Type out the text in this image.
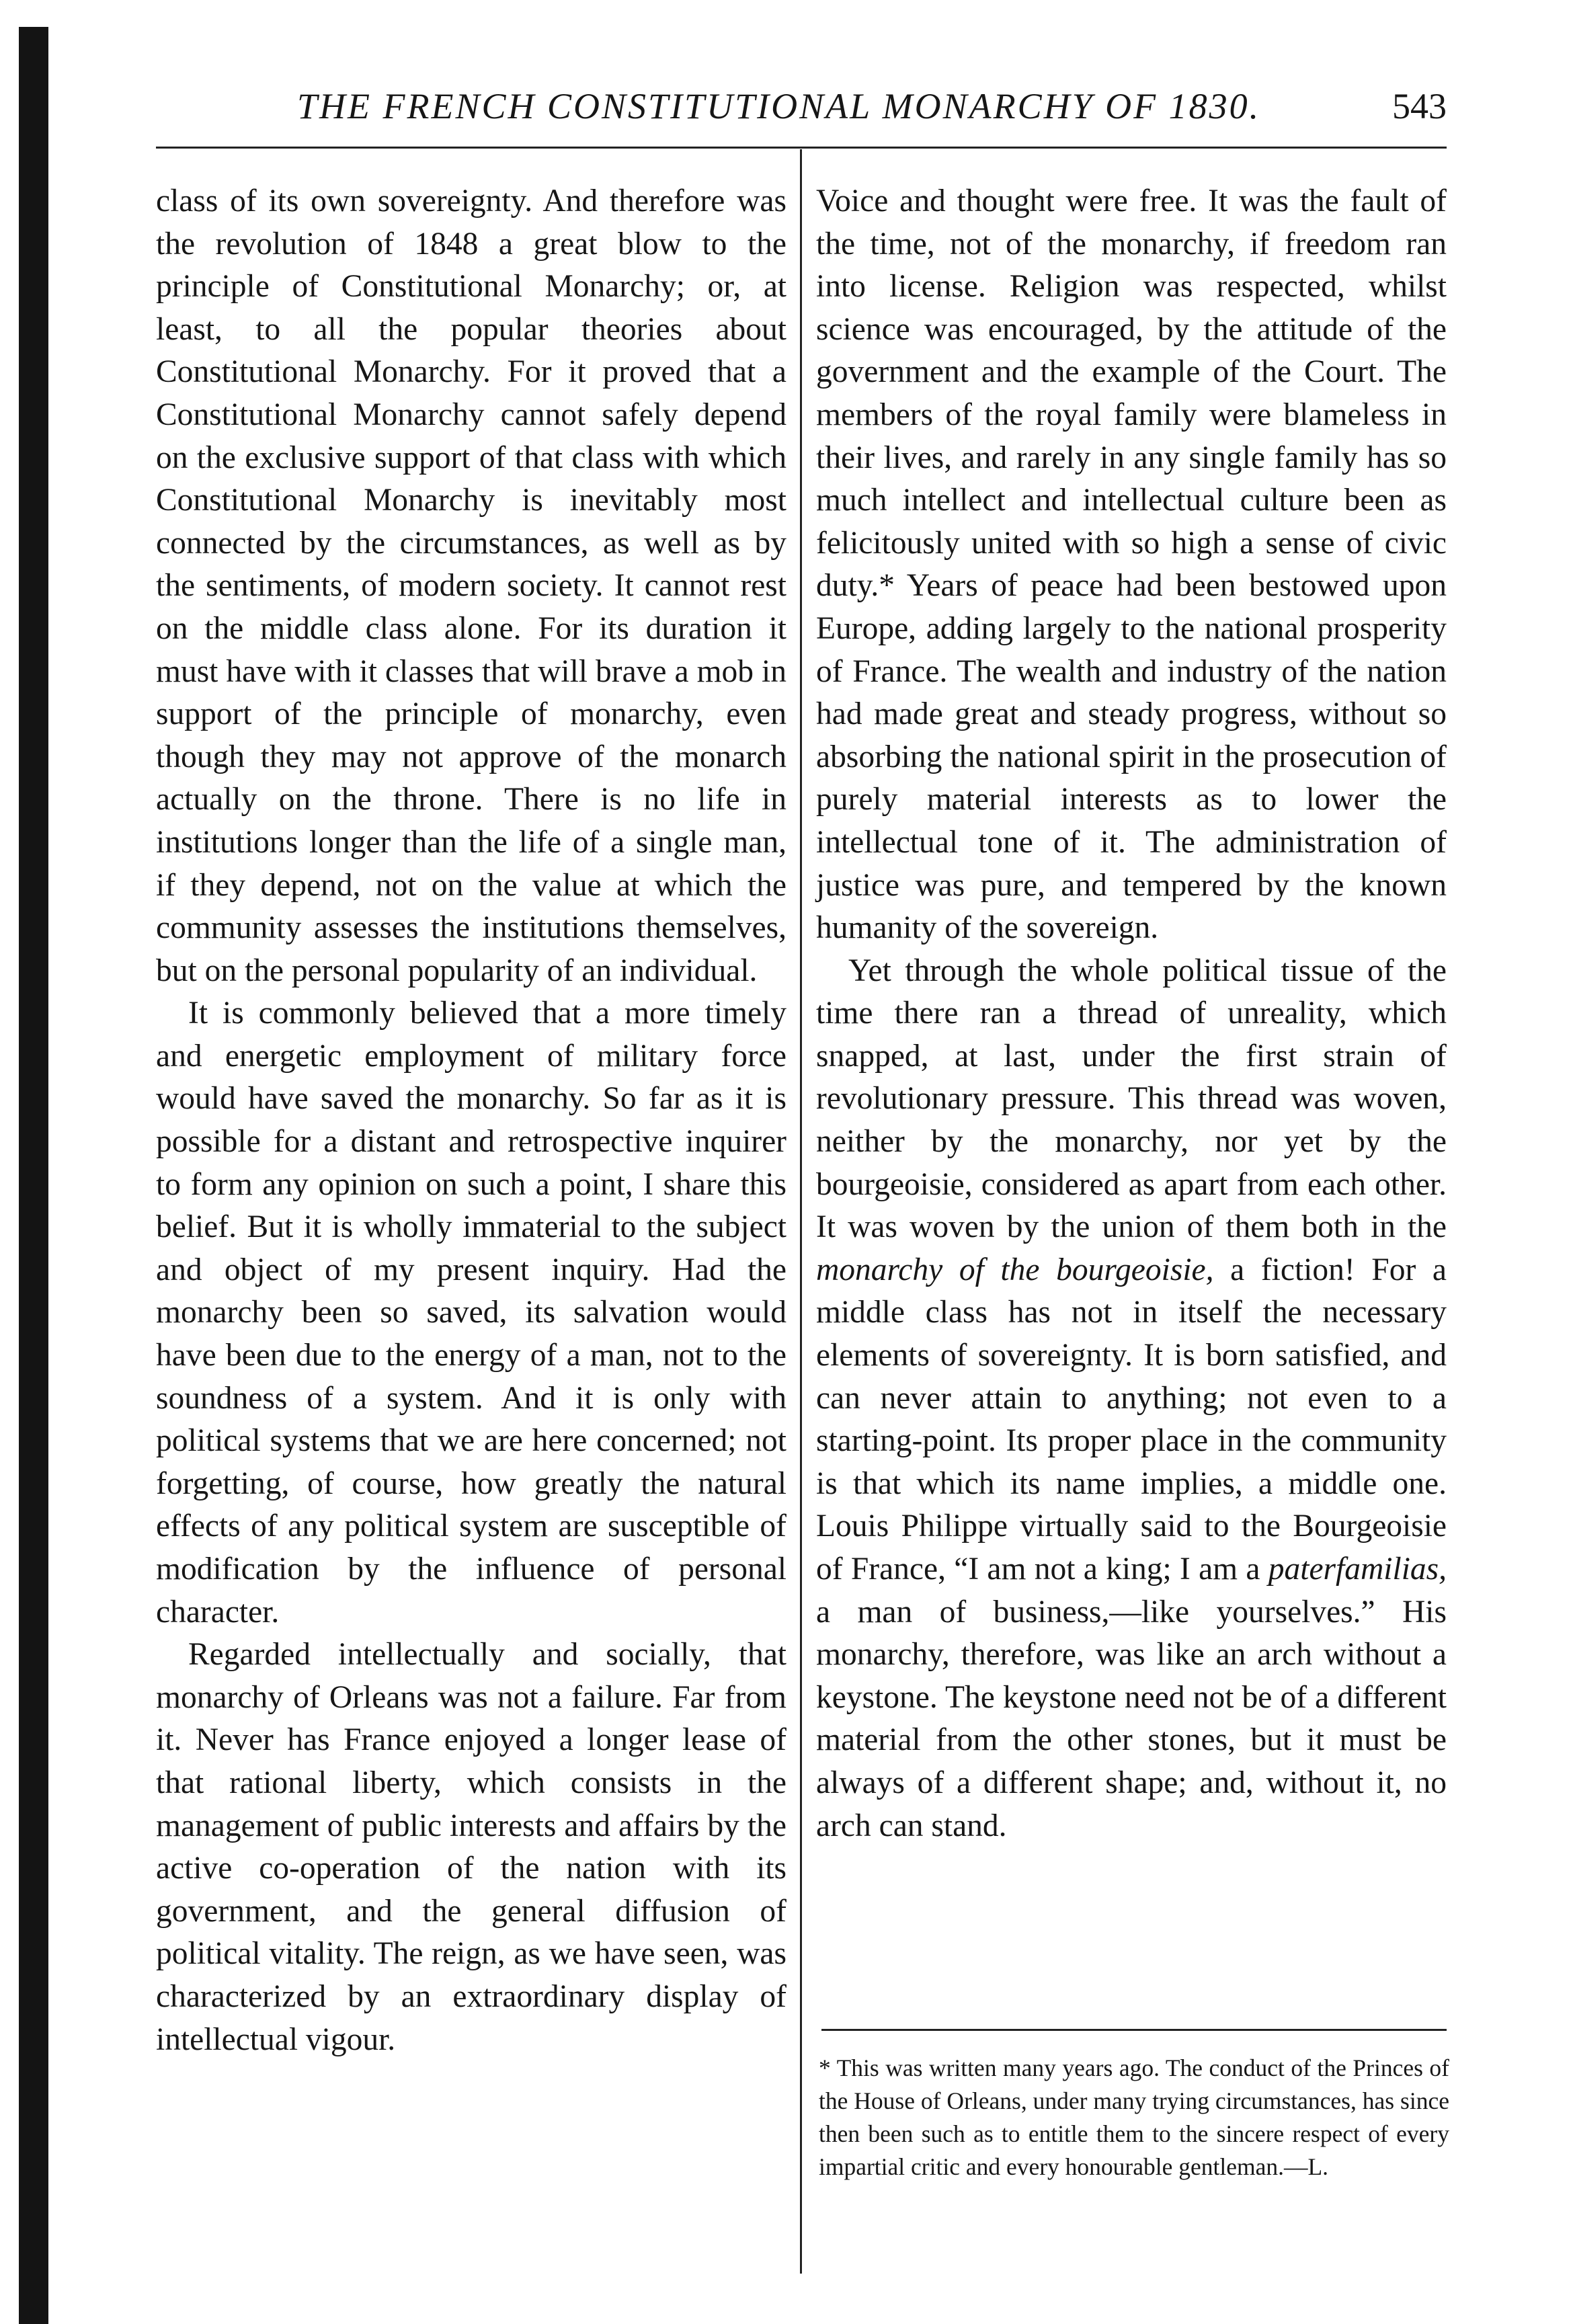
THE FRENCH CONSTITUTIONAL MONARCHY OF 1830.	543

class of its own sovereignty. And therefore was the revolution of 1848 a great blow to the principle of Constitutional Monarchy; or, at least, to all the popular theories about Constitutional Monarchy. For it proved that a Constitutional Monarchy cannot safely depend on the exclusive support of that class with which Constitutional Monarchy is inevitably most connected by the circumstances, as well as by the sentiments, of modern society. It cannot rest on the middle class alone. For its duration it must have with it classes that will brave a mob in support of the principle of monarchy, even though they may not approve of the monarch actually on the throne. There is no life in institutions longer than the life of a single man, if they depend, not on the value at which the community assesses the institutions themselves, but on the personal popularity of an individual.

It is commonly believed that a more timely and energetic employment of military force would have saved the monarchy. So far as it is possible for a distant and retrospective inquirer to form any opinion on such a point, I share this belief. But it is wholly immaterial to the subject and object of my present inquiry. Had the monarchy been so saved, its salvation would have been due to the energy of a man, not to the soundness of a system. And it is only with political systems that we are here concerned; not forgetting, of course, how greatly the natural effects of any political system are susceptible of modification by the influence of personal character.

Regarded intellectually and socially, that monarchy of Orleans was not a failure. Far from it. Never has France enjoyed a longer lease of that rational liberty, which consists in the management of public interests and affairs by the active co-operation of the nation with its government, and the general diffusion of political vitality. The reign, as we have seen, was characterized by an extraordinary display of intellectual vigour.

Voice and thought were free. It was the fault of the time, not of the monarchy, if freedom ran into license. Religion was respected, whilst science was encouraged, by the attitude of the government and the example of the Court. The members of the royal family were blameless in their lives, and rarely in any single family has so much intellect and intellectual culture been as felicitously united with so high a sense of civic duty.* Years of peace had been bestowed upon Europe, adding largely to the national prosperity of France. The wealth and industry of the nation had made great and steady progress, without so absorbing the national spirit in the prosecution of purely material interests as to lower the intellectual tone of it. The administration of justice was pure, and tempered by the known humanity of the sovereign.

Yet through the whole political tissue of the time there ran a thread of unreality, which snapped, at last, under the first strain of revolutionary pressure. This thread was woven, neither by the monarchy, nor yet by the bourgeoisie, considered as apart from each other. It was woven by the union of them both in the monarchy of the bourgeoisie, a fiction! For a middle class has not in itself the necessary elements of sovereignty. It is born satisfied, and can never attain to anything; not even to a starting-point. Its proper place in the community is that which its name implies, a middle one. Louis Philippe virtually said to the Bourgeoisie of France, “I am not a king; I am a paterfamilias, a man of business,—like yourselves.” His monarchy, therefore, was like an arch without a keystone. The keystone need not be of a different material from the other stones, but it must be always of a different shape; and, without it, no arch can stand.

* This was written many years ago. The conduct of the Princes of the House of Orleans, under many trying circumstances, has since then been such as to entitle them to the sincere respect of every impartial critic and every honourable gentleman.—L.
